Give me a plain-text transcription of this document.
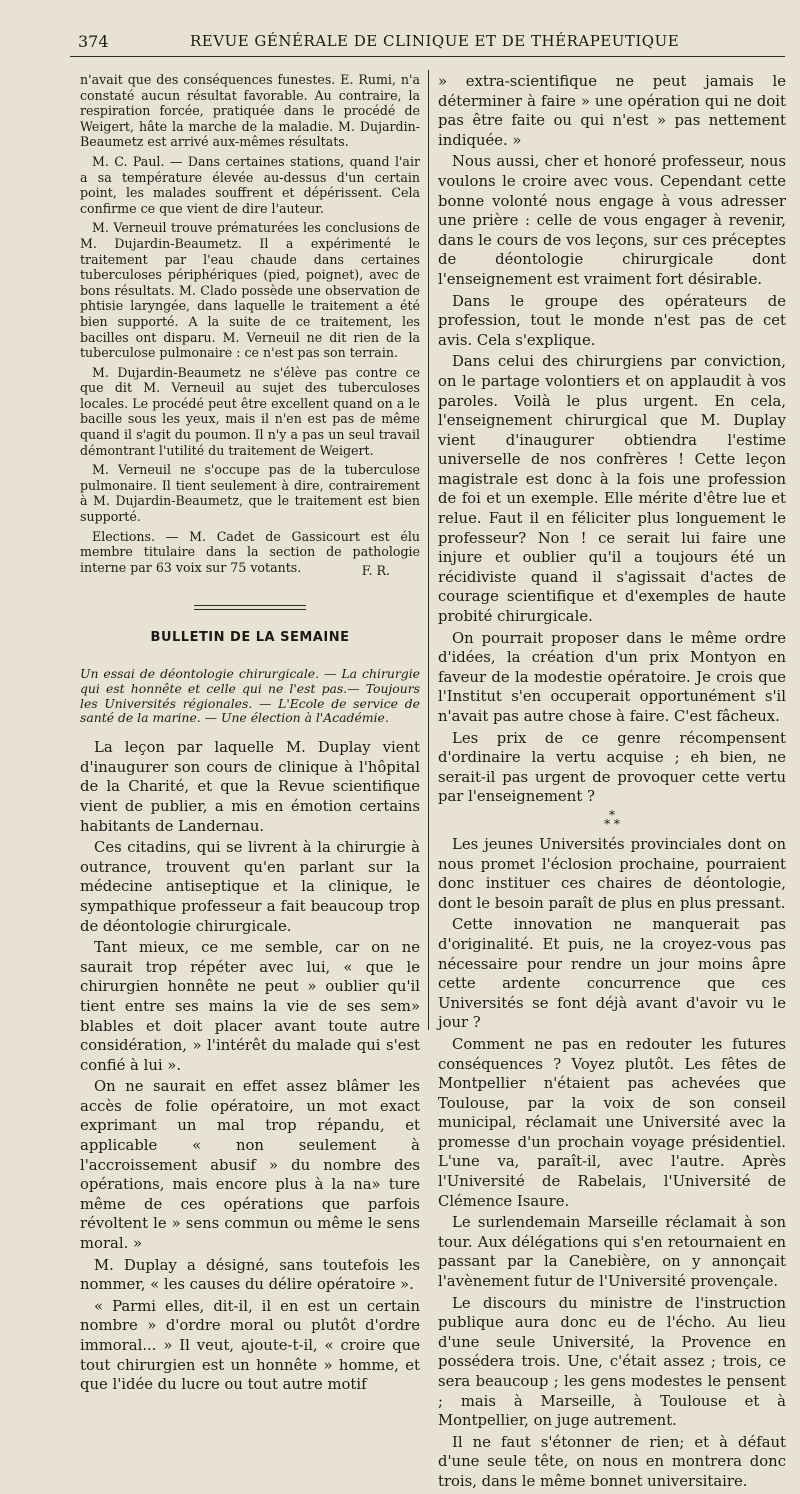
374	REVUE GÉNÉRALE DE CLINIQUE ET DE THÉRAPEUTIQUE

n'avait que des conséquences funestes. E. Rumi, n'a constaté aucun résultat favorable. Au contraire, la respiration forcée, pratiquée dans le procédé de Weigert, hâte la marche de la maladie. M. Dujardin-Beaumetz est arrivé aux-mêmes résultats.

M. C. Paul. — Dans certaines stations, quand l'air a sa température élevée au-dessus d'un certain point, les malades souffrent et dépérissent. Cela confirme ce que vient de dire l'auteur.

M. Verneuil trouve prématurées les conclusions de M. Dujardin-Beaumetz. Il a expérimenté le traitement par l'eau chaude dans certaines tuberculoses périphériques (pied, poignet), avec de bons résultats. M. Clado possède une observation de phtisie laryngée, dans laquelle le traitement a été bien supporté. A la suite de ce traitement, les bacilles ont disparu. M. Verneuil ne dit rien de la tuberculose pulmonaire : ce n'est pas son terrain.

M. Dujardin-Beaumetz ne s'élève pas contre ce que dit M. Verneuil au sujet des tuberculoses locales. Le procédé peut être excellent quand on a le bacille sous les yeux, mais il n'en est pas de même quand il s'agit du poumon. Il n'y a pas un seul travail démontrant l'utilité du traitement de Weigert.

M. Verneuil ne s'occupe pas de la tuberculose pulmonaire. Il tient seulement à dire, contrairement à M. Dujardin-Beaumetz, que le traitement est bien supporté.

Elections. — M. Cadet de Gassicourt est élu membre titulaire dans la section de pathologie interne par 63 voix sur 75 votants.	F. R.
BULLETIN DE LA SEMAINE
Un essai de déontologie chirurgicale. — La chirurgie qui est honnête et celle qui ne l'est pas.— Toujours les Universités régionales. — L'Ecole de service de santé de la marine. — Une élection à l'Académie.

La leçon par laquelle M. Duplay vient d'inaugurer son cours de clinique à l'hôpital de la Charité, et que la Revue scientifique vient de publier, a mis en émotion certains habitants de Landernau.

Ces citadins, qui se livrent à la chirurgie à outrance, trouvent qu'en parlant sur la médecine antiseptique et la clinique, le sympathique professeur a fait beaucoup trop de déontologie chirurgicale.

Tant mieux, ce me semble, car on ne saurait trop répéter avec lui, « que le chirurgien honnête ne peut » oublier qu'il tient entre ses mains la vie de ses sem» blables et doit placer avant toute autre considération, » l'intérêt du malade qui s'est confié à lui ».

On ne saurait en effet assez blâmer les accès de folie opératoire, un mot exact exprimant un mal trop répandu, et applicable « non seulement à l'accroissement abusif » du nombre des opérations, mais encore plus à la na» ture même de ces opérations que parfois révoltent le » sens commun ou même le sens moral. »

M. Duplay a désigné, sans toutefois les nommer, « les causes du délire opératoire ».

« Parmi elles, dit-il, il en est un certain nombre » d'ordre moral ou plutôt d'ordre immoral... » Il veut, ajoute-t-il, « croire que tout chirurgien est un honnête » homme, et que l'idée du lucre ou tout autre motif

» extra-scientifique ne peut jamais le déterminer à faire » une opération qui ne doit pas être faite ou qui n'est » pas nettement indiquée. »

Nous aussi, cher et honoré professeur, nous voulons le croire avec vous. Cependant cette bonne volonté nous engage à vous adresser une prière : celle de vous engager à revenir, dans le cours de vos leçons, sur ces préceptes de déontologie chirurgicale dont l'enseignement est vraiment fort désirable.

Dans le groupe des opérateurs de profession, tout le monde n'est pas de cet avis. Cela s'explique.

Dans celui des chirurgiens par conviction, on le partage volontiers et on applaudit à vos paroles. Voilà le plus urgent. En cela, l'enseignement chirurgical que M. Duplay vient d'inaugurer obtiendra l'estime universelle de nos confrères ! Cette leçon magistrale est donc à la fois une profession de foi et un exemple. Elle mérite d'être lue et relue. Faut il en féliciter plus longuement le professeur? Non ! ce serait lui faire une injure et oublier qu'il a toujours été un récidiviste quand il s'agissait d'actes de courage scientifique et d'exemples de haute probité chirurgicale.

On pourrait proposer dans le même ordre d'idées, la création d'un prix Montyon en faveur de la modestie opératoire. Je crois que l'Institut s'en occuperait opportunément s'il n'avait pas autre chose à faire. C'est fâcheux.

Les prix de ce genre récompensent d'ordinaire la vertu acquise ; eh bien, ne serait-il pas urgent de provoquer cette vertu par l'enseignement ?

*
* *

Les jeunes Universités provinciales dont on nous promet l'éclosion prochaine, pourraient donc instituer ces chaires de déontologie, dont le besoin paraît de plus en plus pressant.

Cette innovation ne manquerait pas d'originalité. Et puis, ne la croyez-vous pas nécessaire pour rendre un jour moins âpre cette ardente concurrence que ces Universités se font déjà avant d'avoir vu le jour ?

Comment ne pas en redouter les futures conséquences ? Voyez plutôt. Les fêtes de Montpellier n'étaient pas achevées que Toulouse, par la voix de son conseil municipal, réclamait une Université avec la promesse d'un prochain voyage présidentiel. L'une va, paraît-il, avec l'autre. Après l'Université de Rabelais, l'Université de Clémence Isaure.

Le surlendemain Marseille réclamait à son tour. Aux délégations qui s'en retournaient en passant par la Canebière, on y annonçait l'avènement futur de l'Université provençale.

Le discours du ministre de l'instruction publique aura donc eu de l'écho. Au lieu d'une seule Université, la Provence en possédera trois. Une, c'était assez ; trois, ce sera beaucoup ; les gens modestes le pensent ; mais à Marseille, à Toulouse et à Montpellier, on juge autrement.

Il ne faut s'étonner de rien; et à défaut d'une seule tête, on nous en montrera donc trois, dans le même bonnet universitaire.
